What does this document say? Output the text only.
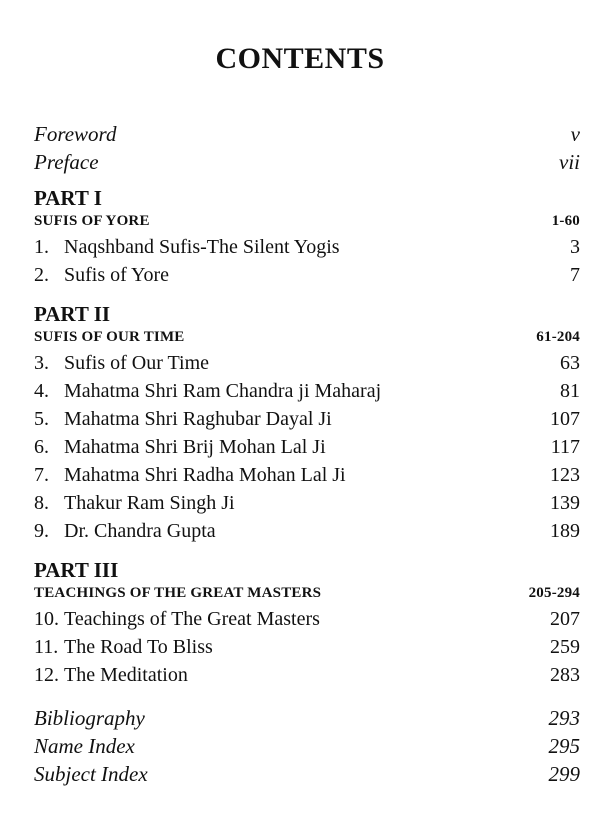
CONTENTS
Foreword	v
Preface	vii
PART I
SUFIS OF YORE	1-60
1. Naqshband Sufis-The Silent Yogis	3
2. Sufis of Yore	7
PART II
SUFIS OF OUR TIME	61-204
3. Sufis of Our Time	63
4. Mahatma Shri Ram Chandra ji Maharaj	81
5. Mahatma Shri Raghubar Dayal Ji	107
6. Mahatma Shri Brij Mohan Lal Ji	117
7. Mahatma Shri Radha Mohan Lal Ji	123
8. Thakur Ram Singh Ji	139
9. Dr. Chandra Gupta	189
PART III
TEACHINGS OF THE GREAT MASTERS	205-294
10. Teachings of The Great Masters	207
11. The Road To Bliss	259
12. The Meditation	283
Bibliography	293
Name Index	295
Subject Index	299
